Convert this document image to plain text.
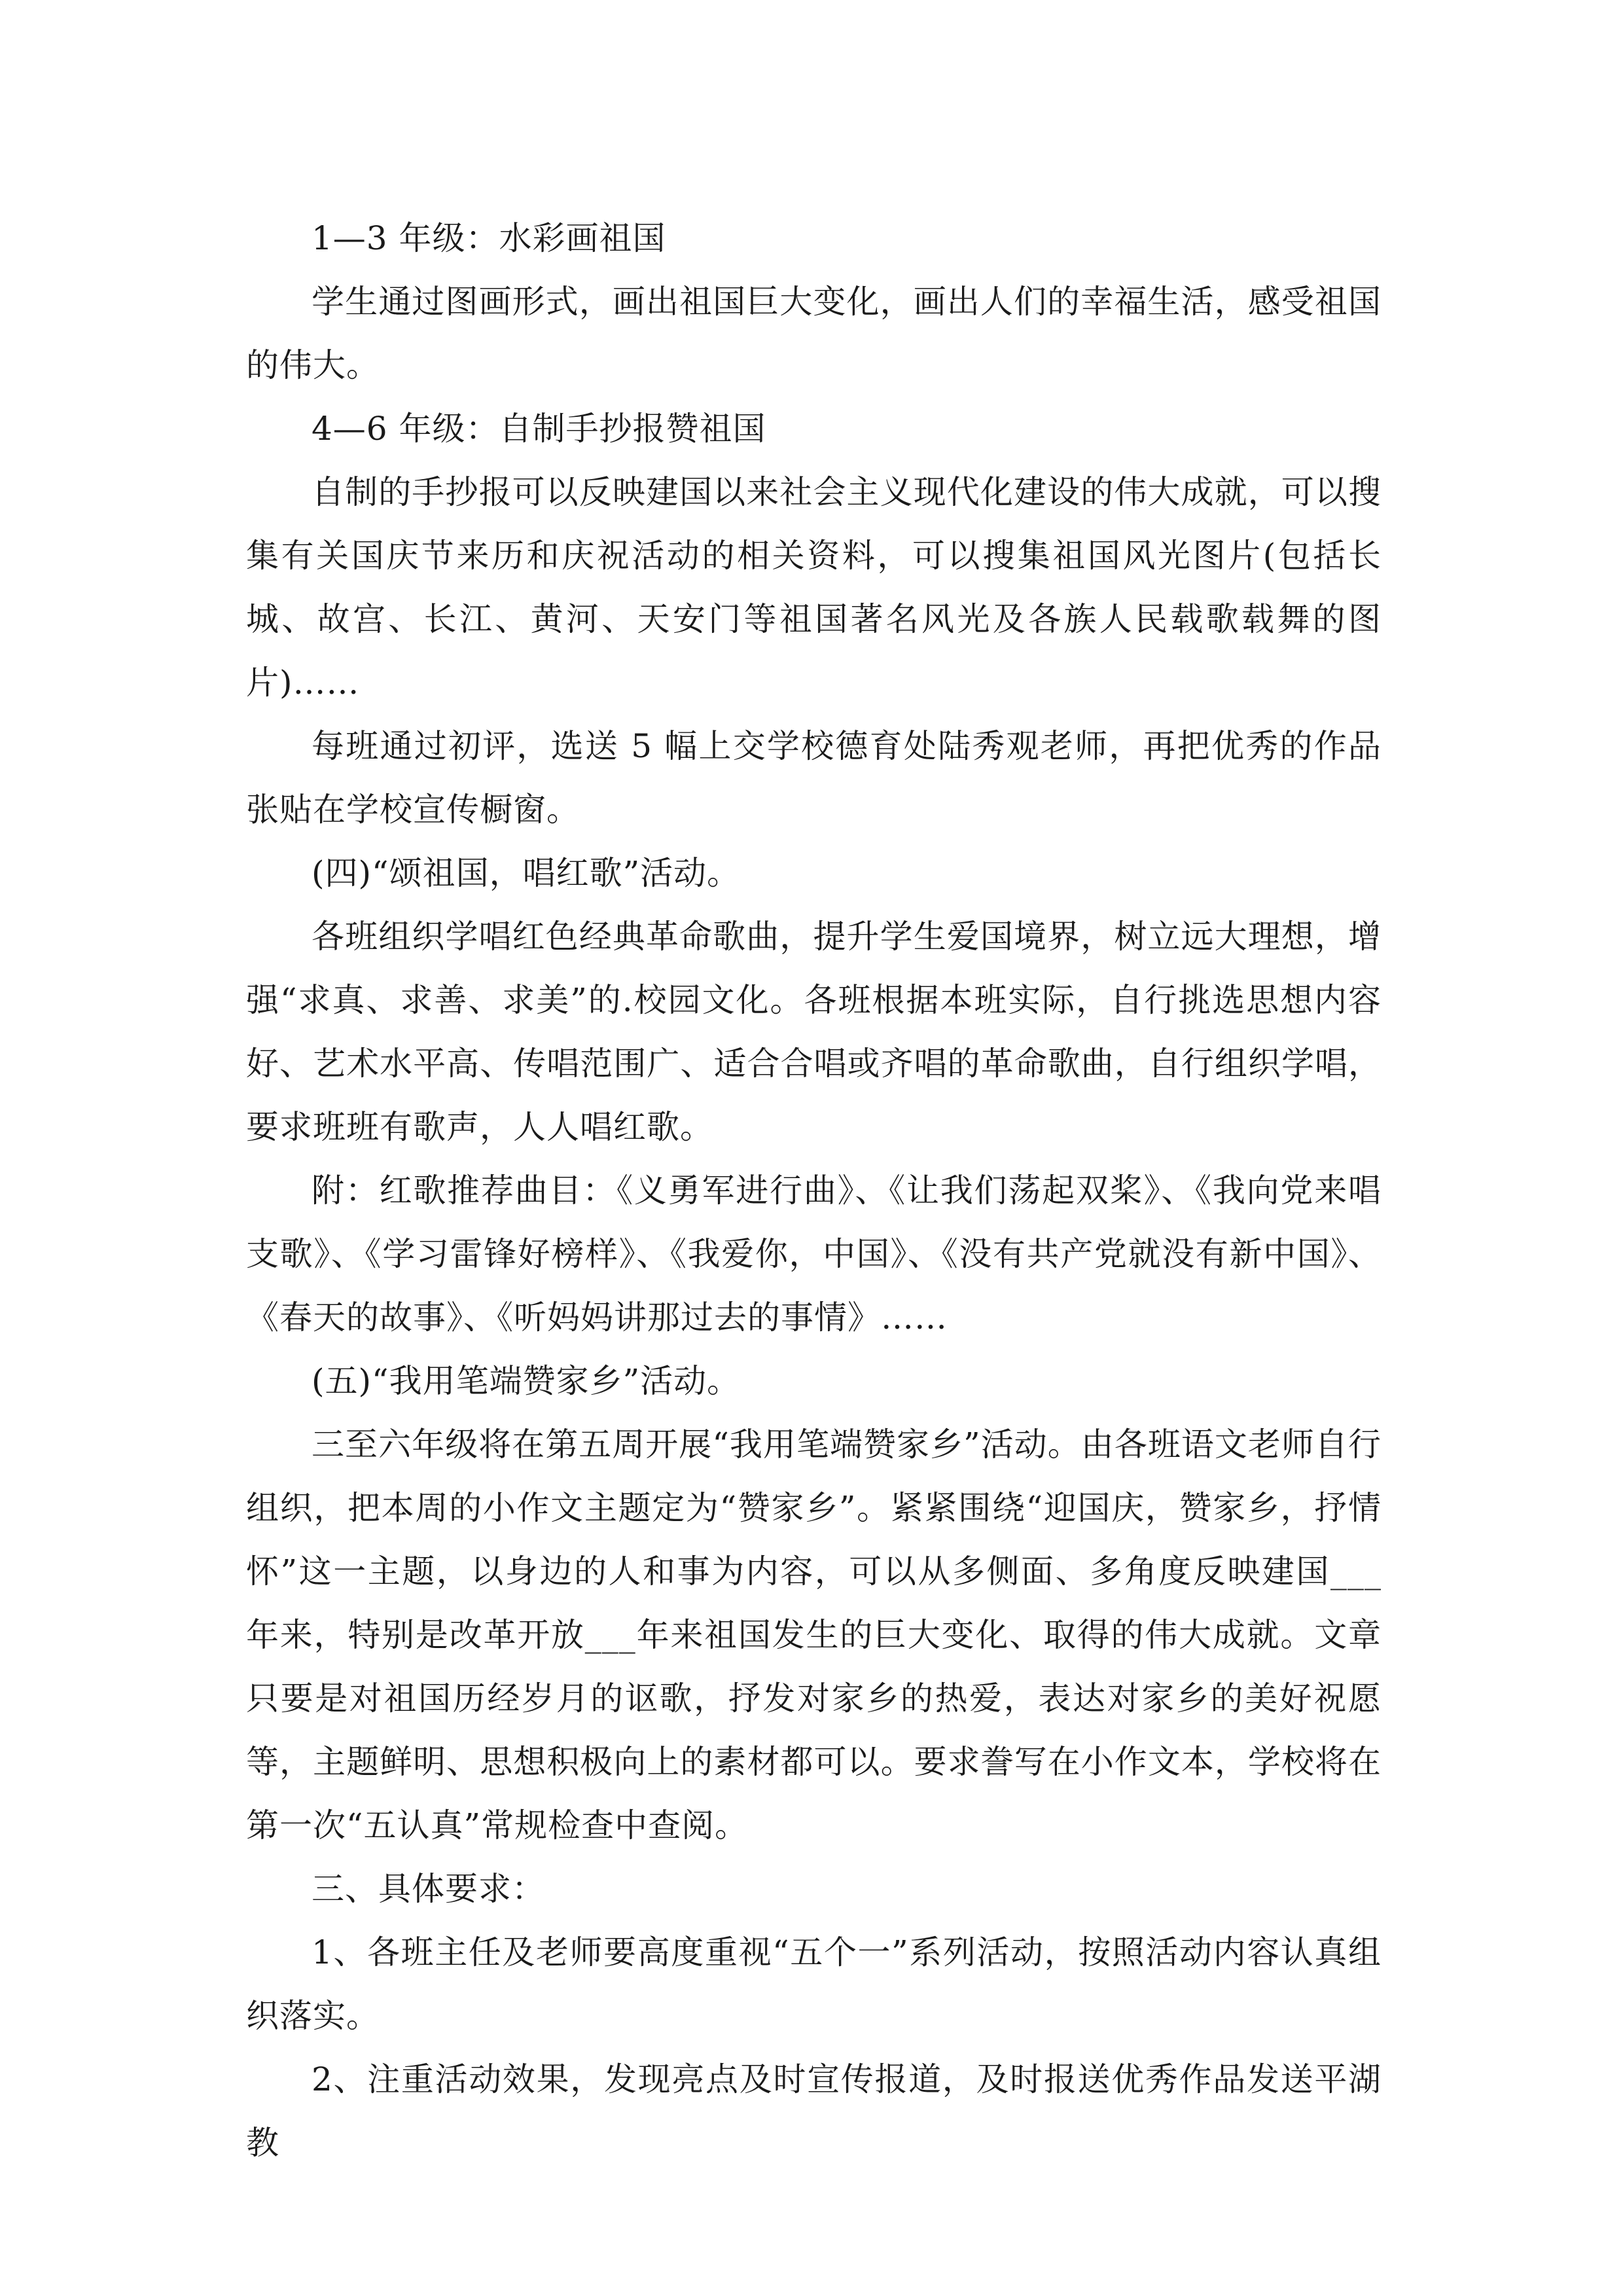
1—3 年级：水彩画祖国

学生通过图画形式，画出祖国巨大变化，画出人们的幸福生活，感受祖国的伟大。

4—6 年级：自制手抄报赞祖国

自制的手抄报可以反映建国以来社会主义现代化建设的伟大成就，可以搜集有关国庆节来历和庆祝活动的相关资料，可以搜集祖国风光图片(包括长城、故宫、长江、黄河、天安门等祖国著名风光及各族人民载歌载舞的图片)……

每班通过初评，选送 5 幅上交学校德育处陆秀观老师，再把优秀的作品张贴在学校宣传橱窗。

(四)“颂祖国，唱红歌”活动。

各班组织学唱红色经典革命歌曲，提升学生爱国境界，树立远大理想，增强“求真、求善、求美”的.校园文化。各班根据本班实际，自行挑选思想内容好、艺术水平高、传唱范围广、适合合唱或齐唱的革命歌曲，自行组织学唱，要求班班有歌声，人人唱红歌。

附：红歌推荐曲目：《义勇军进行曲》、《让我们荡起双桨》、《我向党来唱支歌》、《学习雷锋好榜样》、《我爱你，中国》、《没有共产党就没有新中国》、《春天的故事》、《听妈妈讲那过去的事情》……

(五)“我用笔端赞家乡”活动。

三至六年级将在第五周开展“我用笔端赞家乡”活动。由各班语文老师自行组织，把本周的小作文主题定为“赞家乡”。紧紧围绕“迎国庆，赞家乡，抒情怀”这一主题，以身边的人和事为内容，可以从多侧面、多角度反映建国___年来，特别是改革开放___年来祖国发生的巨大变化、取得的伟大成就。文章只要是对祖国历经岁月的讴歌，抒发对家乡的热爱，表达对家乡的美好祝愿等，主题鲜明、思想积极向上的素材都可以。要求誊写在小作文本，学校将在第一次“五认真”常规检查中查阅。

三、具体要求：

1、各班主任及老师要高度重视“五个一”系列活动，按照活动内容认真组织落实。

2、注重活动效果，发现亮点及时宣传报道，及时报送优秀作品发送平湖教
